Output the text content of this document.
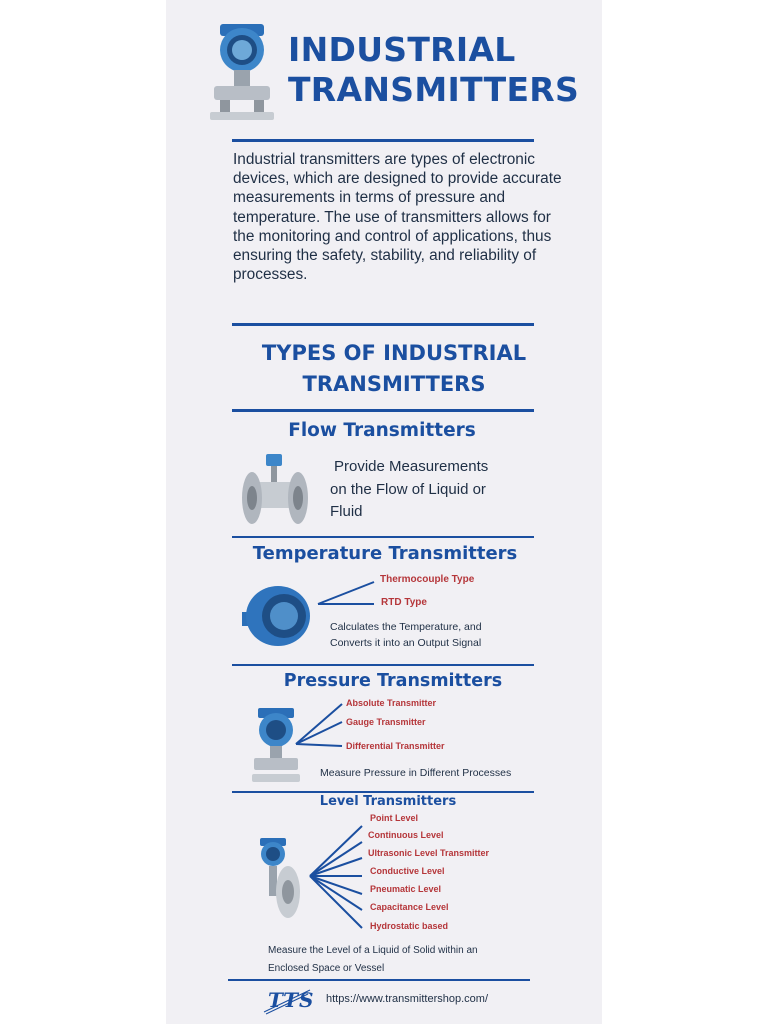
INDUSTRIAL
TRANSMITTERS
Industrial transmitters are types of electronic devices, which are designed to provide accurate measurements in terms of pressure and temperature. The use of transmitters allows for the monitoring and control of applications, thus ensuring the safety, stability, and reliability of processes.
TYPES OF INDUSTRIAL
TRANSMITTERS
Flow Transmitters
Provide Measurements
on the Flow of Liquid or
Fluid
Temperature Transmitters
Thermocouple Type
RTD Type
Calculates the Temperature, and
Converts it into an Output Signal
Pressure Transmitters
Absolute Transmitter
Gauge Transmitter
Differential Transmitter
Measure Pressure in Different Processes
Level Transmitters
Point Level
Continuous Level
Ultrasonic Level Transmitter
Conductive Level
Pneumatic Level
Capacitance Level
Hydrostatic based
Measure the Level of a Liquid of Solid within an
Enclosed Space or Vessel
TTS https://www.transmittershop.com/
